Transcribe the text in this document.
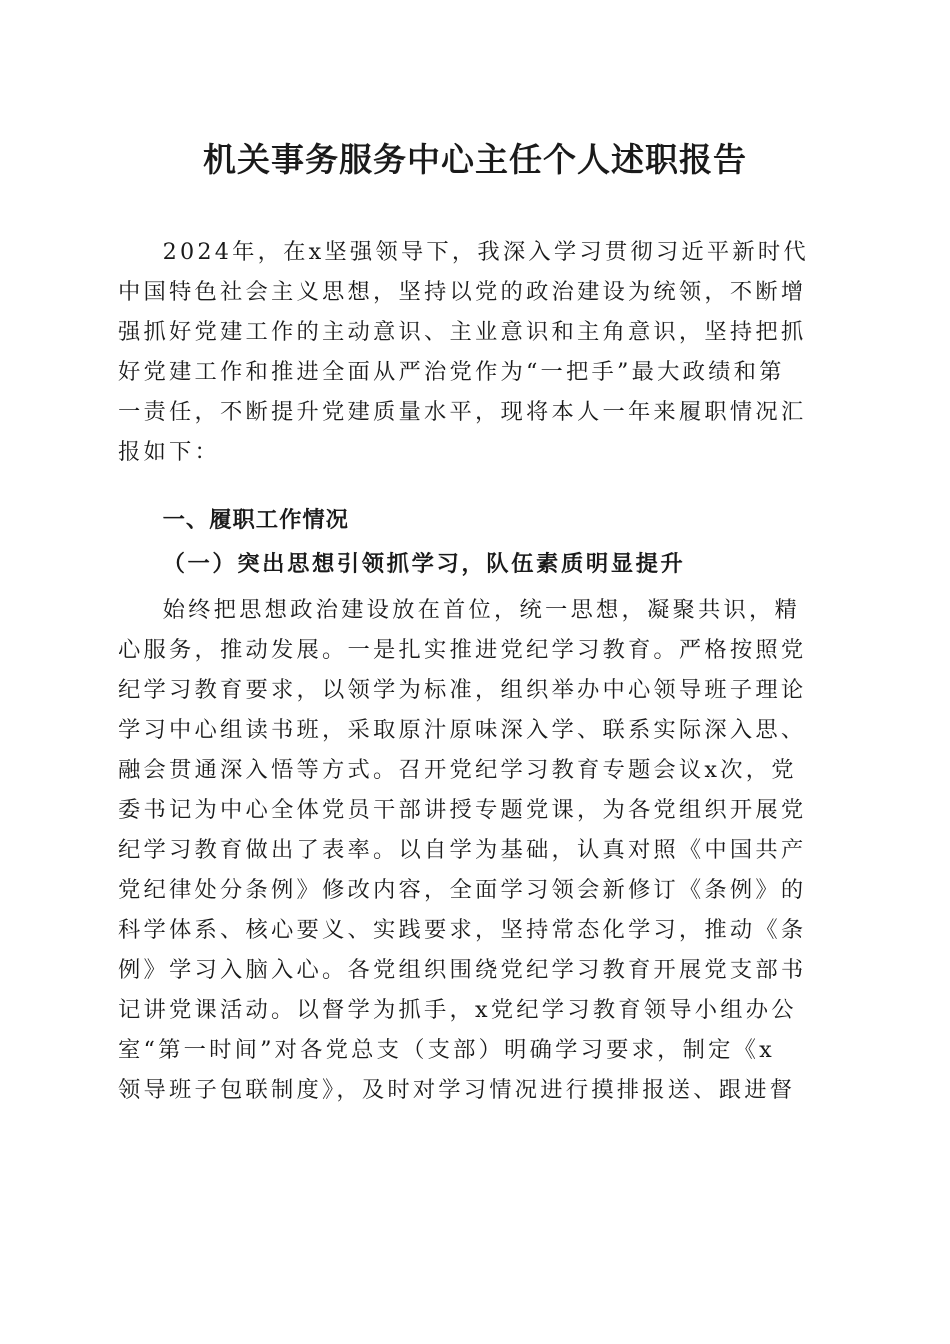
机关事务服务中心主任个人述职报告

2024年，在x坚强领导下，我深入学习贯彻习近平新时代
中国特色社会主义思想，坚持以党的政治建设为统领，不断增
强抓好党建工作的主动意识、主业意识和主角意识，坚持把抓
好党建工作和推进全面从严治党作为“一把手”最大政绩和第
一责任，不断提升党建质量水平，现将本人一年来履职情况汇
报如下：

一、履职工作情况

（一）突出思想引领抓学习，队伍素质明显提升

始终把思想政治建设放在首位，统一思想，凝聚共识，精
心服务，推动发展。一是扎实推进党纪学习教育。严格按照党
纪学习教育要求，以领学为标准，组织举办中心领导班子理论
学习中心组读书班，采取原汁原味深入学、联系实际深入思、
融会贯通深入悟等方式。召开党纪学习教育专题会议x次，党
委书记为中心全体党员干部讲授专题党课，为各党组织开展党
纪学习教育做出了表率。以自学为基础，认真对照《中国共产
党纪律处分条例》修改内容，全面学习领会新修订《条例》的
科学体系、核心要义、实践要求，坚持常态化学习，推动《条
例》学习入脑入心。各党组织围绕党纪学习教育开展党支部书
记讲党课活动。以督学为抓手，x党纪学习教育领导小组办公
室“第一时间”对各党总支（支部）明确学习要求，制定《x
领导班子包联制度》，及时对学习情况进行摸排报送、跟进督
